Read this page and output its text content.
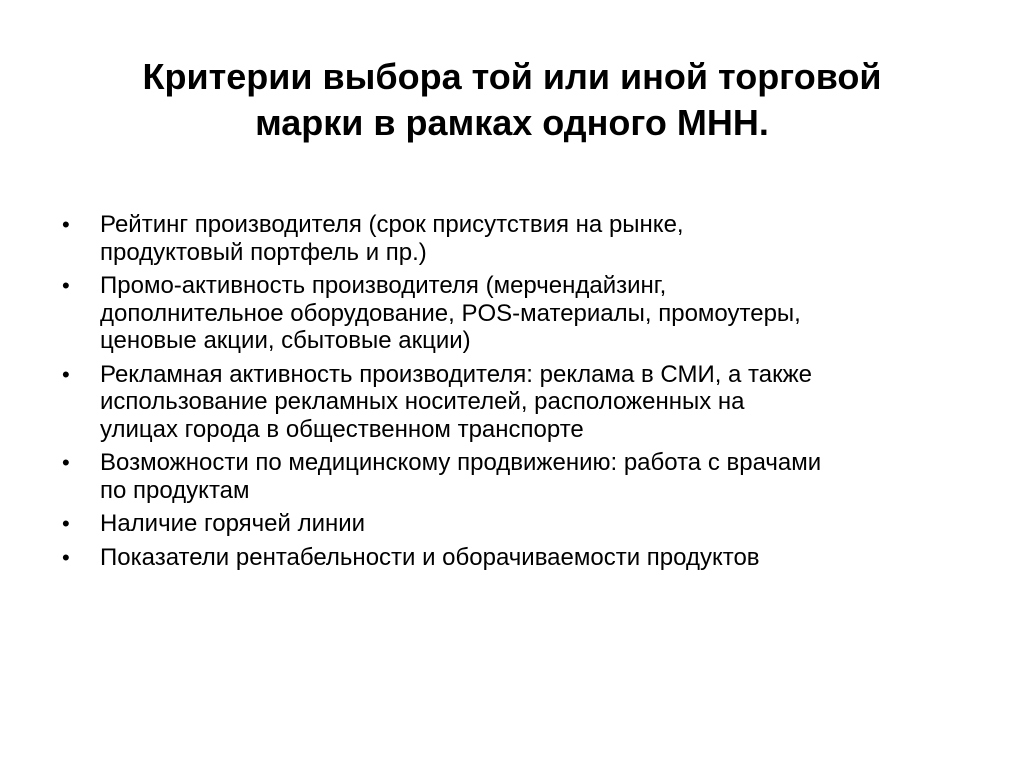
Критерии выбора той или иной торговой
марки в рамках одного МНН.
• Рейтинг производителя (срок присутствия на рынке,
продуктовый портфель и пр.)
• Промо-активность производителя (мерчендайзинг,
дополнительное оборудование, POS-материалы, промоутеры,
ценовые акции, сбытовые акции)
• Рекламная активность производителя: реклама в СМИ, а также
использование рекламных носителей, расположенных на
улицах города в общественном транспорте
• Возможности по медицинскому продвижению: работа с врачами
по продуктам
• Наличие горячей линии
• Показатели рентабельности и оборачиваемости продуктов
